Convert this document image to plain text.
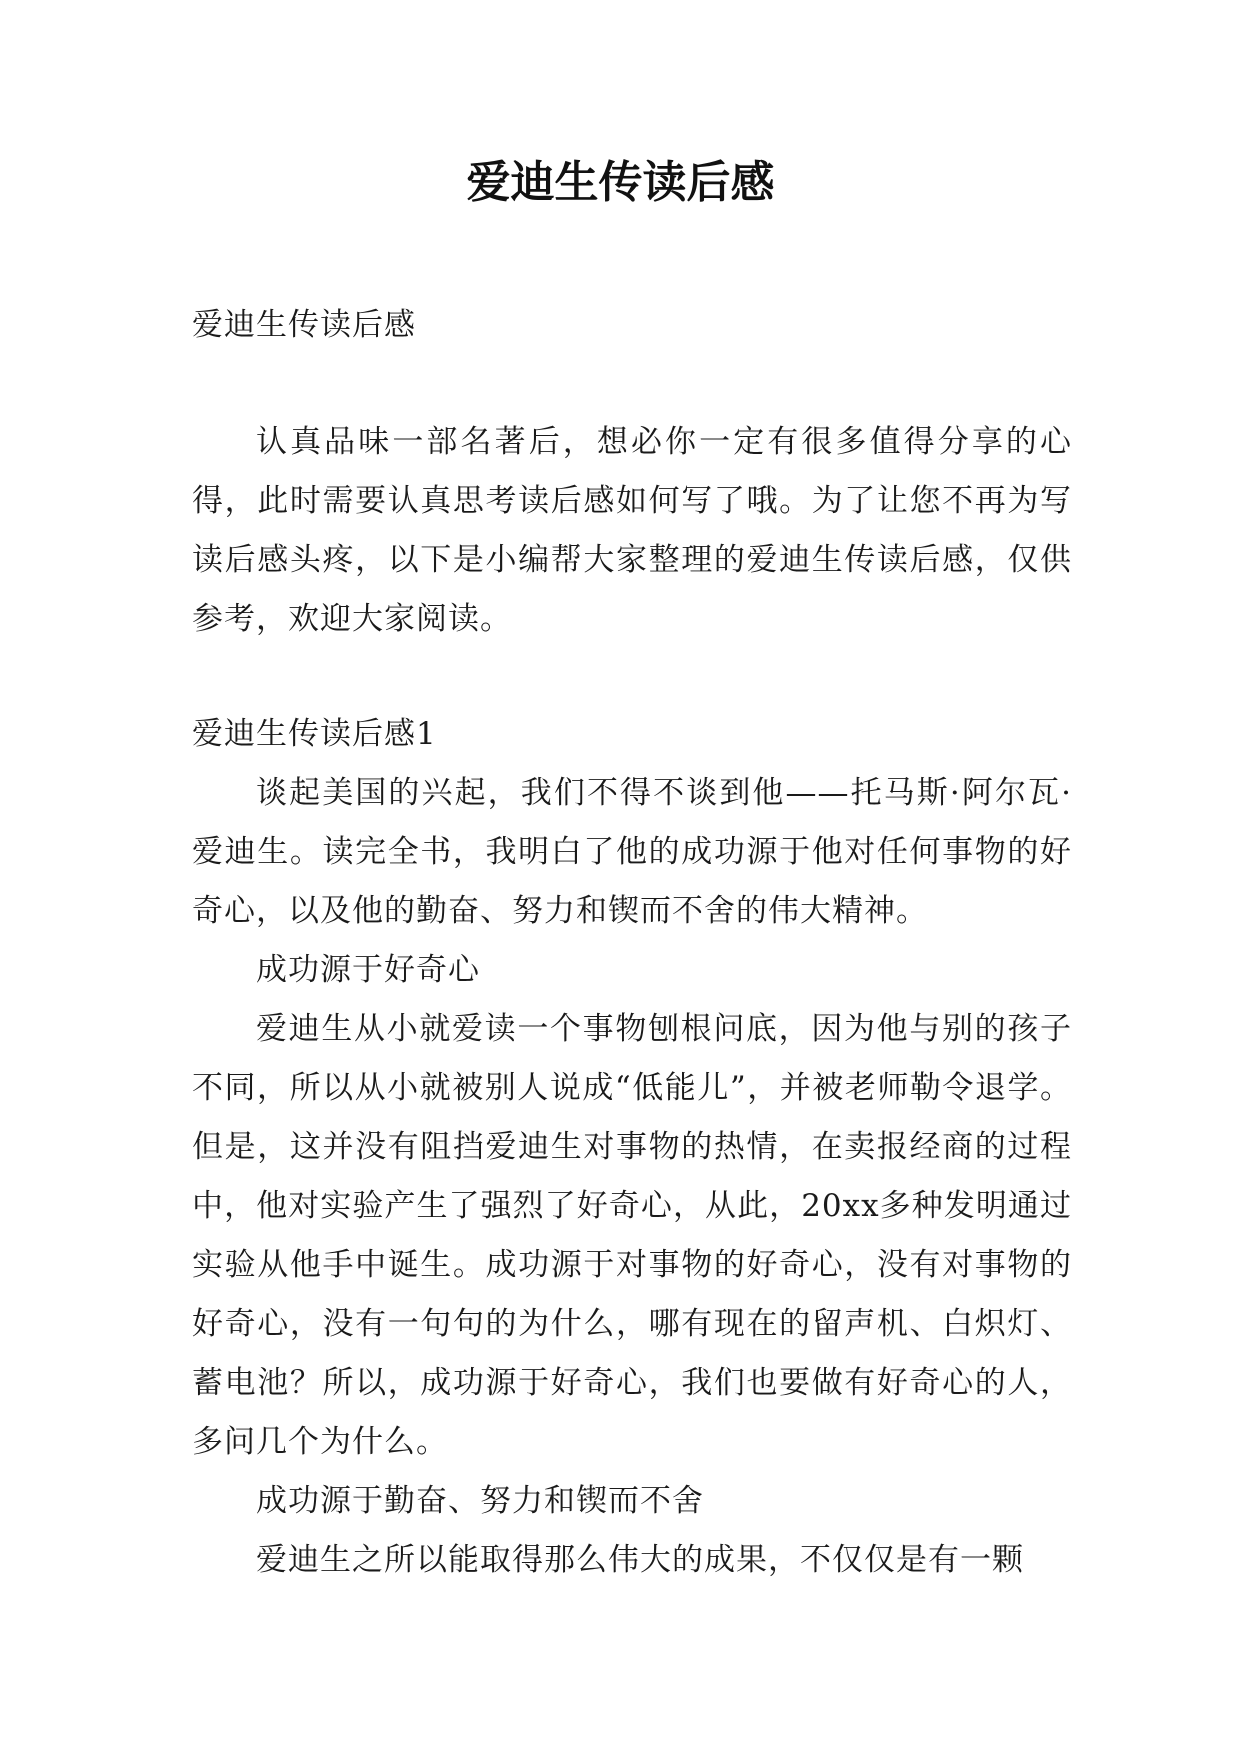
爱迪生传读后感

爱迪生传读后感

认真品味一部名著后，想必你一定有很多值得分享的心得，此时需要认真思考读后感如何写了哦。为了让您不再为写读后感头疼，以下是小编帮大家整理的爱迪生传读后感，仅供参考，欢迎大家阅读。

爱迪生传读后感1

谈起美国的兴起，我们不得不谈到他——托马斯·阿尔瓦·爱迪生。读完全书，我明白了他的成功源于他对任何事物的好奇心，以及他的勤奋、努力和锲而不舍的伟大精神。

成功源于好奇心

爱迪生从小就爱读一个事物刨根问底，因为他与别的孩子不同，所以从小就被别人说成“低能儿”，并被老师勒令退学。但是，这并没有阻挡爱迪生对事物的热情，在卖报经商的过程中，他对实验产生了强烈了好奇心，从此，20xx多种发明通过实验从他手中诞生。成功源于对事物的好奇心，没有对事物的好奇心，没有一句句的为什么，哪有现在的留声机、白炽灯、蓄电池？所以，成功源于好奇心，我们也要做有好奇心的人，多问几个为什么。

成功源于勤奋、努力和锲而不舍

爱迪生之所以能取得那么伟大的成果，不仅仅是有一颗
